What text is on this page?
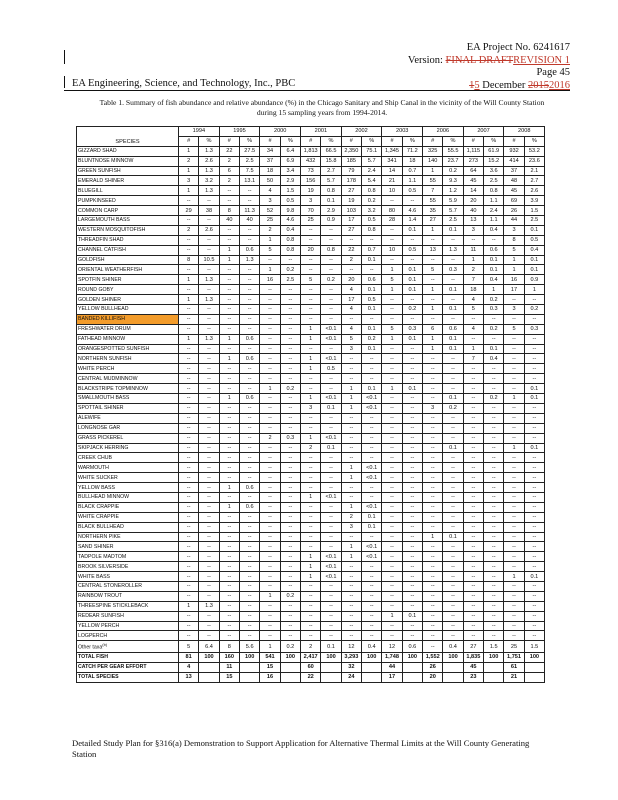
EA Project No. 6241617
Version: FINAL DRAFTREVISION 1
Page 45
15 December 20152016
EA Engineering, Science, and Technology, Inc., PBC
Table 1. Summary of fish abundance and relative abundance (%) in the Chicago Sanitary and Ship Canal in the vicinity of the Will County Station during 15 sampling years from 1994-2014.
SPECIES	1994		1995		2000		2001		2002		2003		2006		2007		2008	
	#	%	#	%	#	%	#	%	#	%	#	%	#	%	#	%	#	%
GIZZARD SHAD	1	1.3	22	27.5	34	6.4	1,813	66.5	2,350	75.1	1,345	71.2	325	55.5	1,115	61.9	932	53.2
BLUNTNOSE MINNOW	2	2.6	2	2.5	37	6.9	432	15.8	185	5.7	341	18	140	23.7	273	15.2	414	23.6
GREEN SUNFISH	1	1.3	6	7.5	18	3.4	73	2.7	79	2.4	14	0.7	1	0.2	64	3.6	37	2.1
EMERALD SHINER	3	3.2	2	13.1	50	2.9	156	5.7	178	5.4	21	1.1	55	9.3	45	2.5	48	2.7
BLUEGILL	1	1.3	--	--	4	1.5	19	0.8	27	0.8	10	0.5	7	1.2	14	0.8	45	2.6
PUMPKINSEED	--	--	--	--	3	0.5	3	0.1	19	0.2	--	--	55	5.9	20	1.1	69	3.9
COMMON CARP	29	38	8	11.3	52	9.8	70	2.9	103	3.2	80	4.6	35	5.7	40	2.4	26	1.5
LARGEMOUTH BASS	--	--	40	40	25	4.6	25	0.9	17	0.5	28	1.4	27	2.5	13	1.1	44	2.5
WESTERN MOSQUITOFISH	2	2.6	--	--	2	0.4	--	--	27	0.8	--	0.1	1	0.1	3	0.4	3	0.1
THREADFIN SHAD	--	--	--	--	1	0.8	--	--	--	--	--	--	--	--	--	--	8	0.5
CHANNEL CATFISH	--	--	1	0.6	5	0.8	20	0.8	22	0.7	10	0.5	13	1.3	11	0.6	5	0.4
GOLDFISH	8	10.5	1	1.3	--	--	--	--	2	0.1	--	--	--	--	1	0.1	1	0.1
ORIENTAL WEATHERFISH	--	--	--	--	1	0.2	--	--	--	--	1	0.1	5	0.3	2	0.1	1	0.1
SPOTFIN SHINER	1	1.3	--	--	16	2.5	5	0.2	20	0.6	5	0.1	--	--	7	0.4	16	0.9
ROUND GOBY	--	--	--	--	--	--	--	--	4	0.1	1	0.1	1	0.1	18	1	17	1
GOLDEN SHINER	1	1.3	--	--	--	--	--	--	17	0.5	--	--	--	--	4	0.2	--	--
YELLOW BULLHEAD	--	--	--	--	--	--	--	--	4	0.1	--	0.2	1	0.1	5	0.3	3	0.2
BANDED KILLIFISH	--	--	--	--	--	--	--	--	--	--	--	--	--	--	--	--	--	--
FRESHWATER DRUM	--	--	--	--	--	--	1	<0.1	4	0.1	5	0.3	6	0.6	4	0.2	5	0.3
FATHEAD MINNOW	1	1.3	1	0.6	--	--	1	<0.1	5	0.2	1	0.1	1	0.1	--	--	--	--
ORANGESPOTTED SUNFISH	--	--	--	--	--	--	--	--	3	0.1	--	--	1	0.1	1	0.1	--	--
NORTHERN SUNFISH	--	--	1	0.6	--	--	1	<0.1	--	--	--	--	--	--	7	0.4	--	--
WHITE PERCH	--	--	--	--	--	--	1	0.5	--	--	--	--	--	--	--	--	--	--
CENTRAL MUDMINNOW	--	--	--	--	--	--	--	--	--	--	--	--	--	--	--	--	--	--
BLACKSTRIPE TOPMINNOW	--	--	--	--	1	0.2	--	--	1	0.1	1	0.1	--	--	--	--	--	0.1
SMALLMOUTH BASS	--	--	1	0.6	--	--	1	<0.1	1	<0.1	--	--	--	0.1	--	0.2	1	0.1
SPOTTAIL SHINER	--	--	--	--	--	--	3	0.1	1	<0.1	--	--	3	0.2	--	--	--	--
ALEWIFE	--	--	--	--	--	--	--	--	--	--	--	--	--	--	--	--	--	--
LONGNOSE GAR	--	--	--	--	--	--	--	--	--	--	--	--	--	--	--	--	--	--
GRASS PICKEREL	--	--	--	--	2	0.3	1	<0.1	--	--	--	--	--	--	--	--	--	--
SKIPJACK HERRING	--	--	--	--	--	--	2	0.1	--	--	--	--	--	0.1	--	--	1	0.1
CREEK CHUB	--	--	--	--	--	--	--	--	--	--	--	--	--	--	--	--	--	--
WARMOUTH	--	--	--	--	--	--	--	--	1	<0.1	--	--	--	--	--	--	--	--
WHITE SUCKER	--	--	--	--	--	--	--	--	1	<0.1	--	--	--	--	--	--	--	--
YELLOW BASS	--	--	1	0.6	--	--	--	--	--	--	--	--	--	--	--	--	--	--
BULLHEAD MINNOW	--	--	--	--	--	--	1	<0.1	--	--	--	--	--	--	--	--	--	--
BLACK CRAPPIE	--	--	1	0.6	--	--	--	--	1	<0.1	--	--	--	--	--	--	--	--
WHITE CRAPPIE	--	--	--	--	--	--	--	--	2	0.1	--	--	--	--	--	--	--	--
BLACK BULLHEAD	--	--	--	--	--	--	--	--	3	0.1	--	--	--	--	--	--	--	--
NORTHERN PIKE	--	--	--	--	--	--	--	--	--	--	--	--	1	0.1	--	--	--	--
SAND SHINER	--	--	--	--	--	--	--	--	1	<0.1	--	--	--	--	--	--	--	--
TADPOLE MADTOM	--	--	--	--	--	--	1	<0.1	1	<0.1	--	--	--	--	--	--	--	--
BROOK SILVERSIDE	--	--	--	--	--	--	1	<0.1	--	--	--	--	--	--	--	--	--	--
WHITE BASS	--	--	--	--	--	--	1	<0.1	--	--	--	--	--	--	--	--	1	0.1
CENTRAL STONEROLLER	--	--	--	--	--	--	--	--	--	--	--	--	--	--	--	--	--	--
RAINBOW TROUT	--	--	--	--	1	0.2	--	--	--	--	--	--	--	--	--	--	--	--
THREESPINE STICKLEBACK	1	1.3	--	--	--	--	--	--	--	--	--	--	--	--	--	--	--	--
REDEAR SUNFISH	--	--	--	--	--	--	--	--	--	--	1	0.1	--	--	--	--	--	--
YELLOW PERCH	--	--	--	--	--	--	--	--	--	--	--	--	--	--	--	--	--	--
LOGPERCH	--	--	--	--	--	--	--	--	--	--	--	--	--	--	--	--	--	--
Other taxa$^{(b)}$	5	6.4	8	5.6	1	0.2	2	0.1	12	0.4	12	0.6	--	0.4	27	1.5	25	1.5
TOTAL FISH	81	100	160	100	541	100	2,417	100	3,293	100	1,748	100	1,552	100	1,835	100	1,751	100
CATCH PER GEAR EFFORT	4		11		15		60		32		44		26		45		61	
TOTAL SPECIES	13		15		16		22		24		17		20		23		21	
Detailed Study Plan for §316(a) Demonstration to Support Application for Alternative Thermal Limits at the Will County Generating Station
